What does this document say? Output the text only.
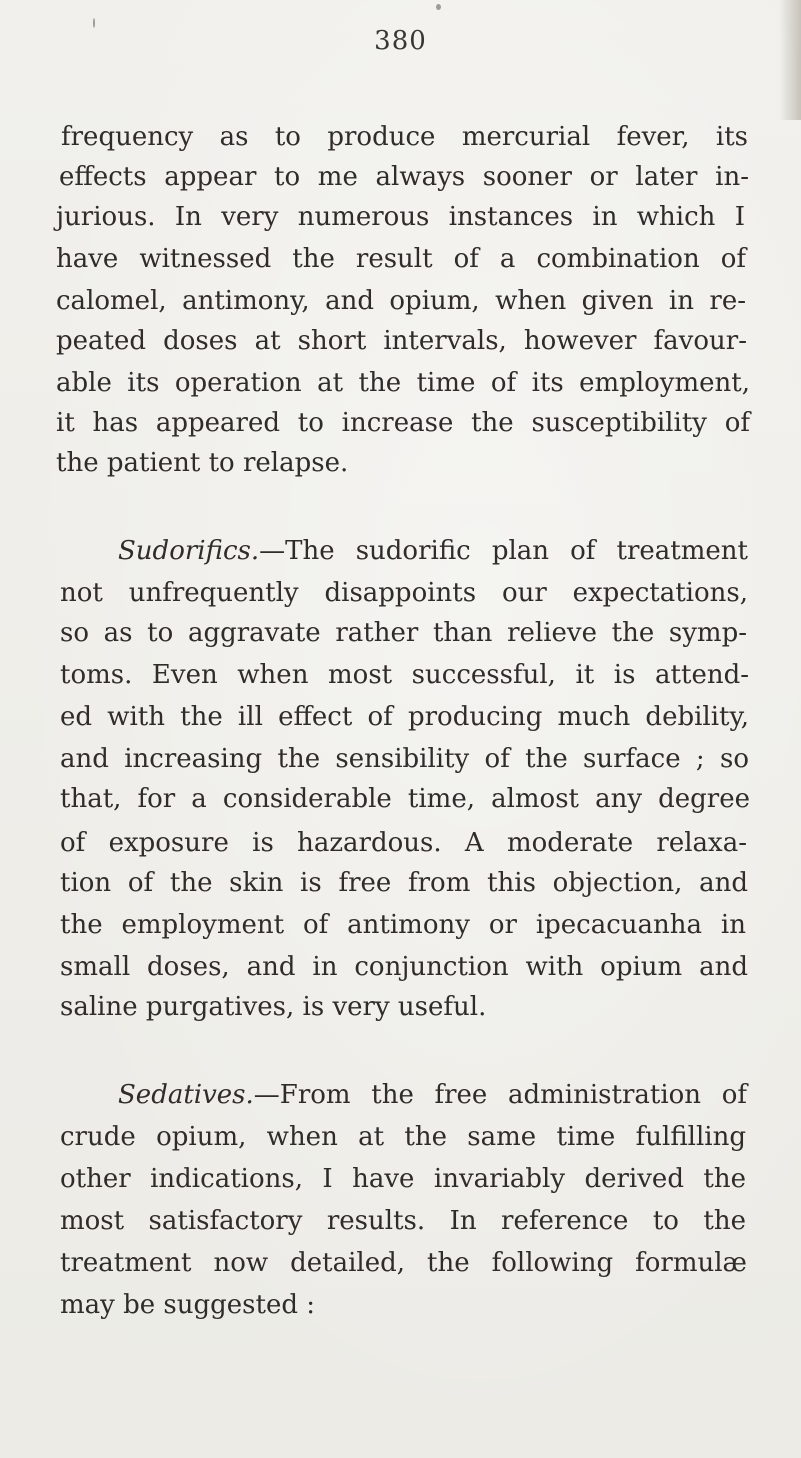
380
frequency as to produce mercurial fever, its
effects appear to me always sooner or later in-
jurious. In very numerous instances in which I
have witnessed the result of a combination of
calomel, antimony, and opium, when given in re-
peated doses at short intervals, however favour-
able its operation at the time of its employment,
it has appeared to increase the susceptibility of
the patient to relapse.
Sudorifics.—The sudorific plan of treatment
not unfrequently disappoints our expectations,
so as to aggravate rather than relieve the symp-
toms. Even when most successful, it is attend-
ed with the ill effect of producing much debility,
and increasing the sensibility of the surface ; so
that, for a considerable time, almost any degree
of exposure is hazardous. A moderate relaxa-
tion of the skin is free from this objection, and
the employment of antimony or ipecacuanha in
small doses, and in conjunction with opium and
saline purgatives, is very useful.
Sedatives.—From the free administration of
crude opium, when at the same time fulfilling
other indications, I have invariably derived the
most satisfactory results. In reference to the
treatment now detailed, the following formulæ
may be suggested :
